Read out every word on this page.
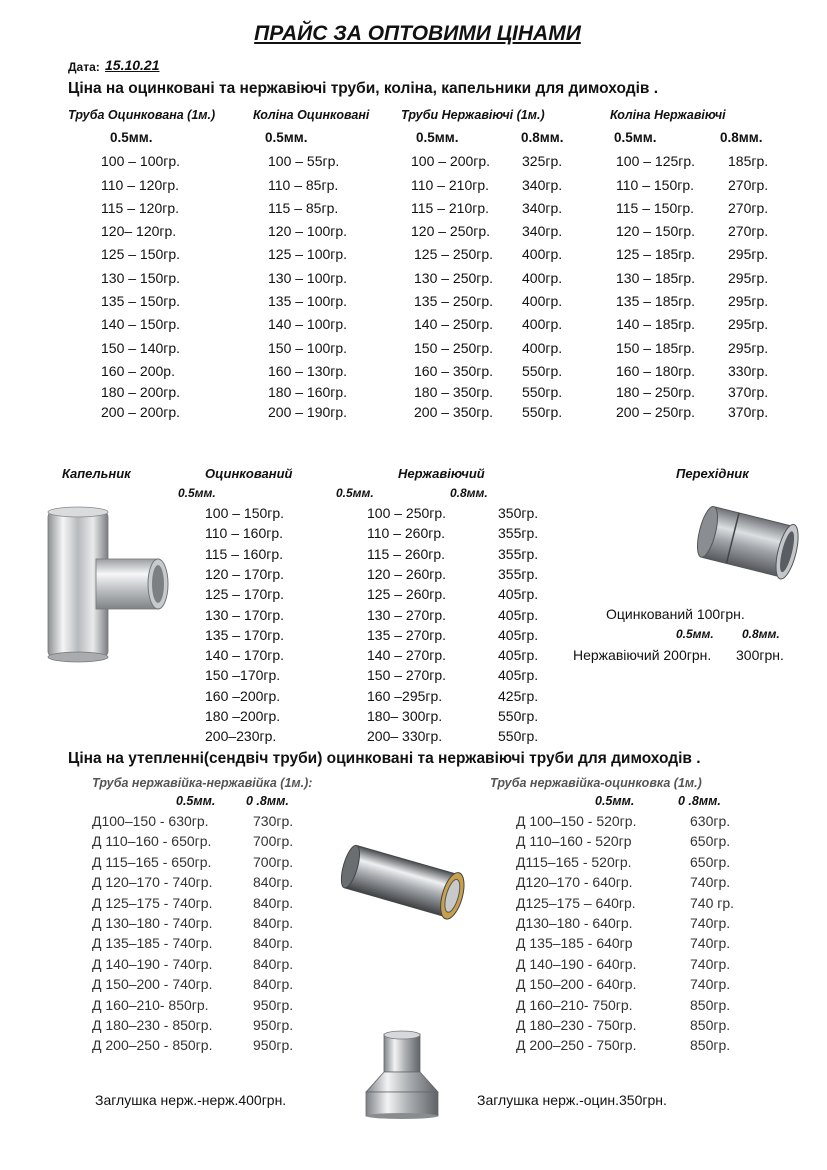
ПРАЙС ЗА ОПТОВИМИ ЦІНАМИ
Дата: 15.10.21
Ціна на оцинковані та нержавіючі труби, коліна, капельники для димоходів .
Труба Оцинкована (1м.)	Коліна Оцинковані	Труби Нержавіючі (1м.)	Коліна Нержавіючі
0.5мм.	0.5мм.	0.5мм.	0.8мм.	0.5мм.	0.8мм.
100 – 100гр.	100 – 55гр.	100 – 200гр. 325гр.	100 – 125гр. 185гр.
110 – 120гр.	110 – 85гр.	110 – 210гр. 340гр.	110 – 150гр. 270гр.
115 – 120гр.	115 – 85гр.	115 – 210гр. 340гр.	115 – 150гр. 270гр.
120– 120гр.	120 – 100гр.	120 – 250гр. 340гр.	120 – 150гр. 270гр.
125 – 150гр.	125 – 100гр.	125 – 250гр. 400гр.	125 – 185гр. 295гр.
130 – 150гр.	130 – 100гр.	130 – 250гр. 400гр.	130 – 185гр. 295гр.
135 – 150гр.	135 – 100гр.	135 – 250гр. 400гр.	135 – 185гр. 295гр.
140 – 150гр.	140 – 100гр.	140 – 250гр. 400гр.	140 – 185гр. 295гр.
150 – 140гр.	150 – 100гр.	150 – 250гр. 400гр.	150 – 185гр. 295гр.
160 – 200р.	160 – 130гр.	160 – 350гр. 550гр.	160 – 180гр. 330гр.
180 – 200гр.	180 – 160гр.	180 – 350гр. 550гр.	180 – 250гр. 370гр.
200 – 200гр.	200 – 190гр.	200 – 350гр. 550гр.	200 – 250гр. 370гр.
Капельник	Оцинкований	Нержавіючий
0.5мм.	0.5мм.	0.8мм.
100 – 150гр.	100 – 250гр.	350гр.
110 – 160гр.	110 – 260гр.	355гр.
115 – 160гр.	115 – 260гр.	355гр.
120 – 170гр.	120 – 260гр.	355гр.
125 – 170гр.	125 – 260гр.	405гр.
130 – 170гр.	130 – 270гр.	405гр.
135 – 170гр.	135 – 270гр.	405гр.
140 – 170гр.	140 – 270гр.	405гр.
150 –170гр.	150 – 270гр.	405гр.
160 –200гр.	160 –295гр.	425гр.
180 –200гр.	180– 300гр.	550гр.
200–230гр.	200– 330гр.	550гр.
Перехідник
Оцинкований 100грн.
0.5мм. 0.8мм.
Нержавіючий 200грн. 300грн.
Ціна на утепленні(сендвіч труби) оцинковані та нержавіючі труби для димоходів .
Труба нержавійка-нержавійка (1м.):
0.5мм. 0 .8мм.
Труба нержавійка-оцинковка (1м.)
0.5мм.	0 .8мм.
Д100–150 - 630гр.	730гр.
Д 110–160 - 650гр.	700гр.
Д 115–165 - 650гр.	700гр.
Д 120–170 - 740гр.	840гр.
Д 125–175 - 740гр.	840гр.
Д 130–180 - 740гр.	840гр.
Д 135–185 - 740гр.	840гр.
Д 140–190 - 740гр.	840гр.
Д 150–200 - 740гр.	840гр.
Д 160–210- 850гр.	950гр.
Д 180–230 - 850гр.	950гр.
Д 200–250 - 850гр.	950гр.
Д 100–150 - 520гр.	630гр.
Д 110–160 - 520гр	650гр.
Д115–165 - 520гр.	650гр.
Д120–170 - 640гр.	740гр.
Д125–175 – 640гр.	740 гр.
Д130–180 - 640гр.	740гр.
Д 135–185 - 640гр	740гр.
Д 140–190 - 640гр.	740гр.
Д 150–200 - 640гр.	740гр.
Д 160–210- 750гр.	850гр.
Д 180–230 - 750гр.	850гр.
Д 200–250 - 750гр.	850гр.
Заглушка нерж.-нерж.400грн.	Заглушка нерж.-оцин.350грн.
